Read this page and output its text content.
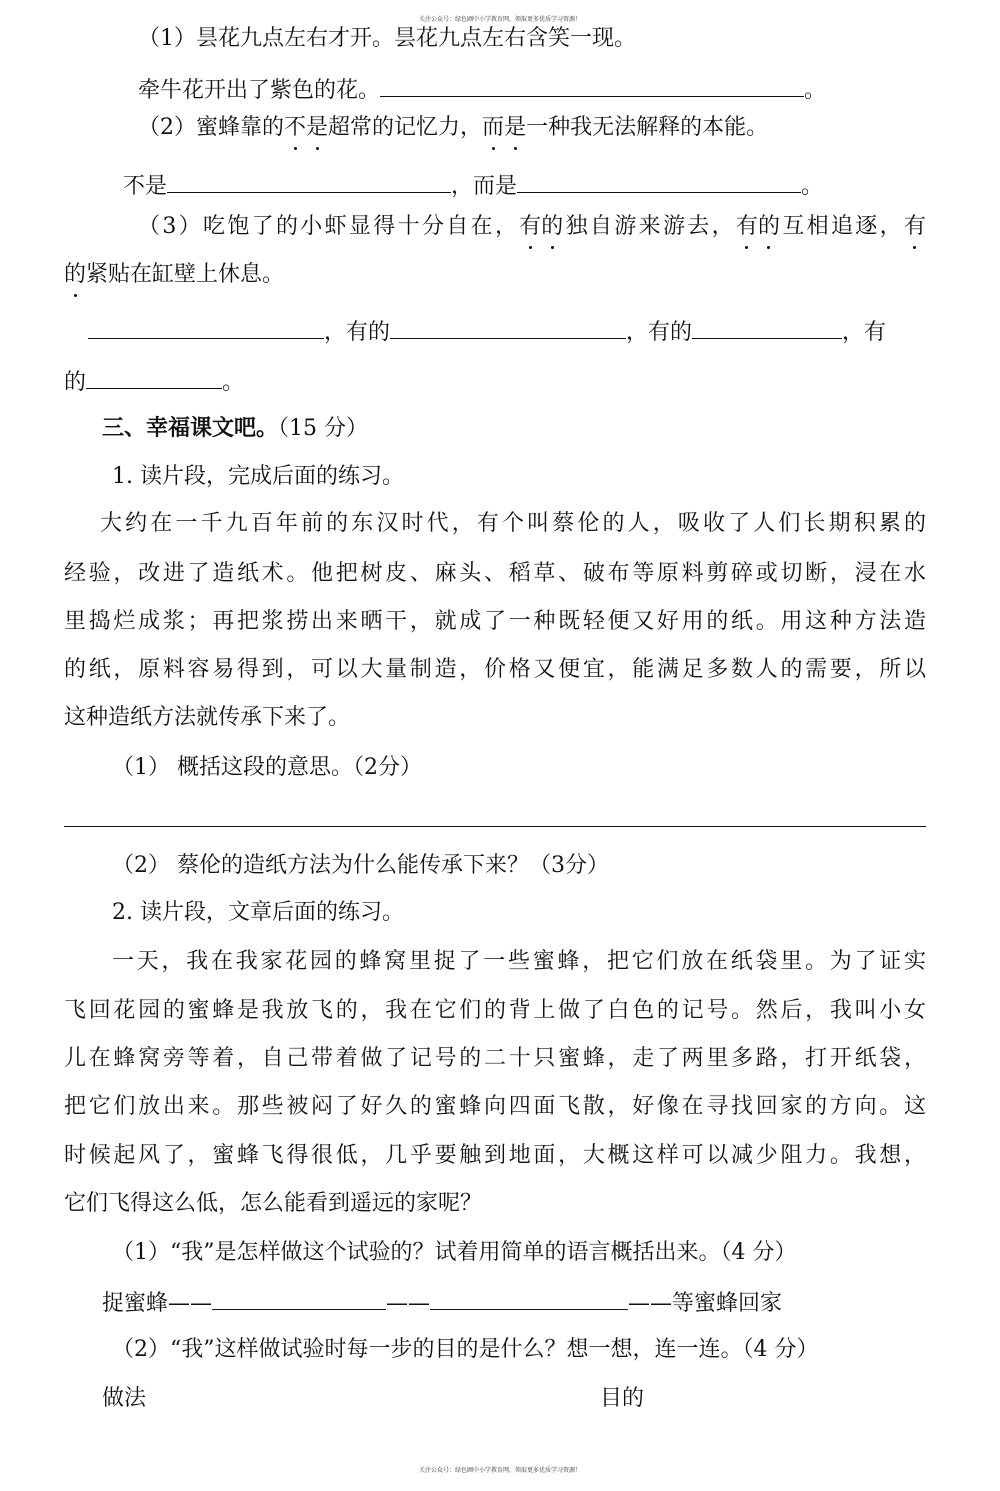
关注公众号：绿色圃中小学教育网，领取更多优质学习资源！
（1）昙花九点左右才开。昙花九点左右含笑一现。
牵牛花开出了紫色的花。	。
（2）蜜蜂靠的不是超常的记忆力，而是一种我无法解释的本能。
不是	，而是	。
（3）吃饱了的小虾显得十分自在，有的独自游来游去，有的互相追逐，有
的紧贴在缸壁上休息。
，有的	，有的	，有
的	。
三、幸福课文吧。（15 分）
1. 读片段，完成后面的练习。
大约在一千九百年前的东汉时代，有个叫蔡伦的人，吸收了人们长期积累的
经验，改进了造纸术。他把树皮、麻头、稻草、破布等原料剪碎或切断，浸在水
里捣烂成浆；再把浆捞出来晒干，就成了一种既轻便又好用的纸。用这种方法造
的纸，原料容易得到，可以大量制造，价格又便宜，能满足多数人的需要，所以
这种造纸方法就传承下来了。
（1） 概括这段的意思。（2分）
（2） 蔡伦的造纸方法为什么能传承下来？（3分）
2. 读片段，文章后面的练习。
一天，我在我家花园的蜂窝里捉了一些蜜蜂，把它们放在纸袋里。为了证实
飞回花园的蜜蜂是我放飞的，我在它们的背上做了白色的记号。然后，我叫小女
儿在蜂窝旁等着，自己带着做了记号的二十只蜜蜂，走了两里多路，打开纸袋，
把它们放出来。那些被闷了好久的蜜蜂向四面飞散，好像在寻找回家的方向。这
时候起风了，蜜蜂飞得很低，几乎要触到地面，大概这样可以减少阻力。我想，
它们飞得这么低，怎么能看到遥远的家呢？
（1）“我”是怎样做这个试验的？试着用简单的语言概括出来。（4 分）
捉蜜蜂——	——	——等蜜蜂回家
（2）“我”这样做试验时每一步的目的是什么？想一想，连一连。（4 分）
做法	目的
关注公众号：绿色圃中小学教育网，领取更多优质学习资源！
